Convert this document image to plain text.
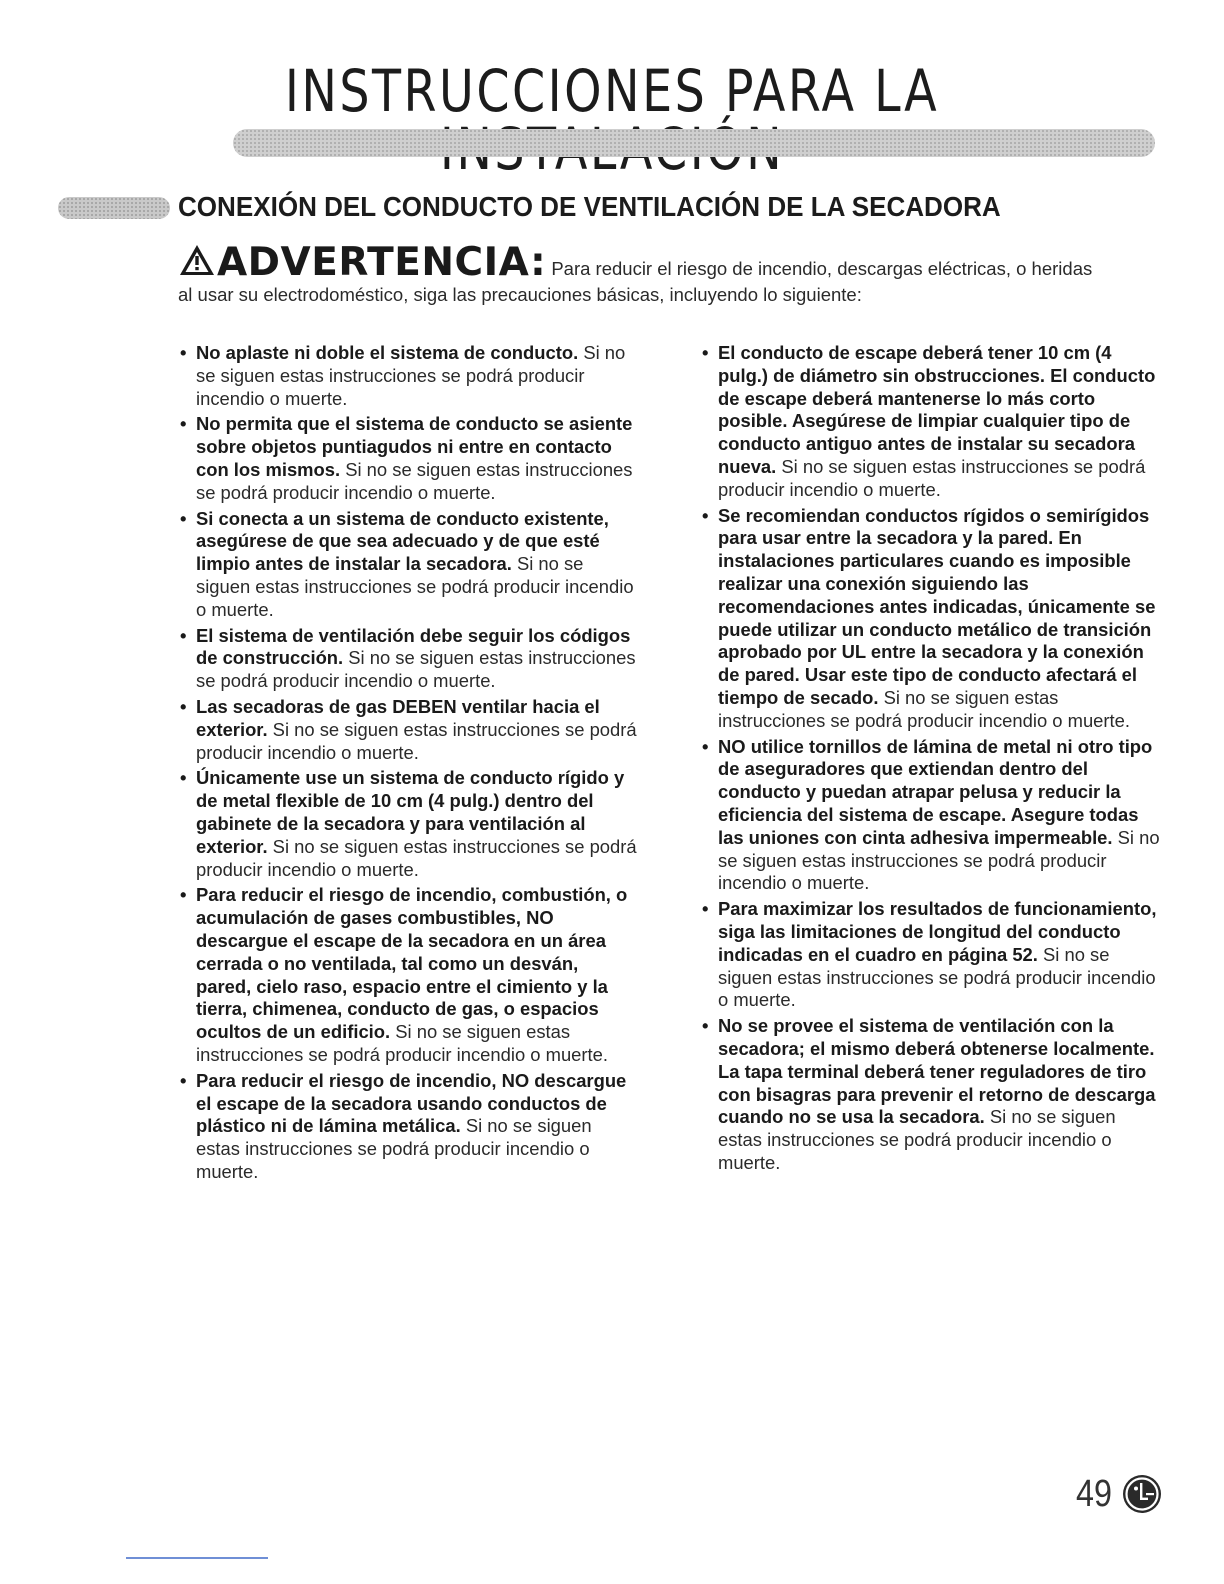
INSTRUCCIONES PARA LA
CONEXIÓN DEL CONDUCTO DE VENTILACIÓN DE LA SECADORA
ADVERTENCIA: Para reducir el riesgo de incendio, descargas eléctricas, o heridas
al usar su electrodoméstico, siga las precauciones básicas, incluyendo lo siguiente:
• No aplaste ni doble el sistema de conducto. Si no se siguen estas instrucciones se podrá producir incendio o muerte.
• No permita que el sistema de conducto se asiente sobre objetos puntiagudos ni entre en contacto con los mismos. Si no se siguen estas instrucciones se podrá producir incendio o muerte.
• Si conecta a un sistema de conducto existente, asegúrese de que sea adecuado y de que esté limpio antes de instalar la secadora. Si no se siguen estas instrucciones se podrá producir incendio o muerte.
• El sistema de ventilación debe seguir los códigos de construcción. Si no se siguen estas instrucciones se podrá producir incendio o muerte.
• Las secadoras de gas DEBEN ventilar hacia el exterior. Si no se siguen estas instrucciones se podrá producir incendio o muerte.
• Únicamente use un sistema de conducto rígido y de metal flexible de 10 cm (4 pulg.) dentro del gabinete de la secadora y para ventilación al exterior. Si no se siguen estas instrucciones se podrá producir incendio o muerte.
• Para reducir el riesgo de incendio, combustión, o acumulación de gases combustibles, NO descargue el escape de la secadora en un área cerrada o no ventilada, tal como un desván, pared, cielo raso, espacio entre el cimiento y la tierra, chimenea, conducto de gas, o espacios ocultos de un edificio. Si no se siguen estas instrucciones se podrá producir incendio o muerte.
• Para reducir el riesgo de incendio, NO descargue el escape de la secadora usando conductos de plástico ni de lámina metálica. Si no se siguen estas instrucciones se podrá producir incendio o muerte.
• El conducto de escape deberá tener 10 cm (4 pulg.) de diámetro sin obstrucciones. El conducto de escape deberá mantenerse lo más corto posible. Asegúrese de limpiar cualquier tipo de conducto antiguo antes de instalar su secadora nueva. Si no se siguen estas instrucciones se podrá producir incendio o muerte.
• Se recomiendan conductos rígidos o semirígidos para usar entre la secadora y la pared. En instalaciones particulares cuando es imposible realizar una conexión siguiendo las recomendaciones antes indicadas, únicamente se puede utilizar un conducto metálico de transición aprobado por UL entre la secadora y la conexión de pared. Usar este tipo de conducto afectará el tiempo de secado. Si no se siguen estas instrucciones se podrá producir incendio o muerte.
• NO utilice tornillos de lámina de metal ni otro tipo de aseguradores que extiendan dentro del conducto y puedan atrapar pelusa y reducir la eficiencia del sistema de escape. Asegure todas las uniones con cinta adhesiva impermeable. Si no se siguen estas instrucciones se podrá producir incendio o muerte.
• Para maximizar los resultados de funcionamiento, siga las limitaciones de longitud del conducto indicadas en el cuadro en página 52. Si no se siguen estas instrucciones se podrá producir incendio o muerte.
• No se provee el sistema de ventilación con la secadora; el mismo deberá obtenerse localmente. La tapa terminal deberá tener reguladores de tiro con bisagras para prevenir el retorno de descarga cuando no se usa la secadora. Si no se siguen estas instrucciones se podrá producir incendio o muerte.
49
